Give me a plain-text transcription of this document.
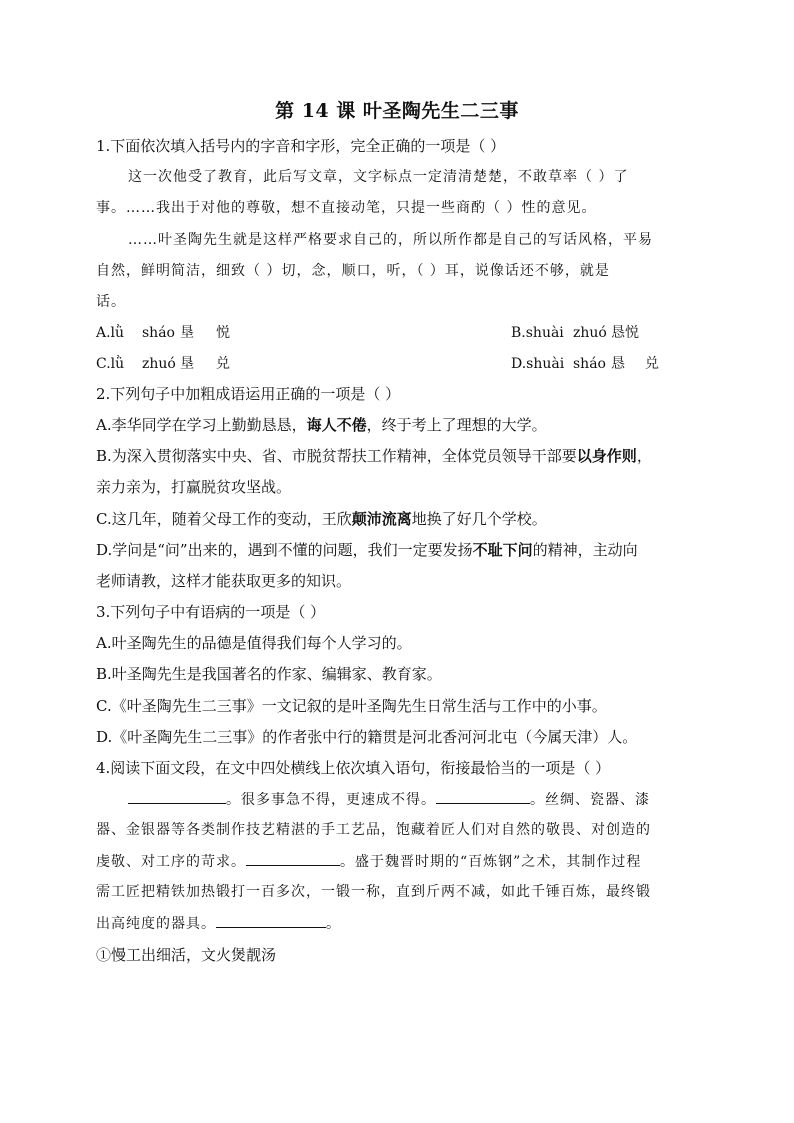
第 14 课 叶圣陶先生二三事
1.下面依次填入括号内的字音和字形，完全正确的一项是（ ）
这一次他受了教育，此后写文章，文字标点一定清清楚楚，不敢草率（ ）了
事。……我出于对他的尊敬，想不直接动笔，只提一些商酌（ ）性的意见。
……叶圣陶先生就是这样严格要求自己的，所以所作都是自己的写话风格，平易
自然，鲜明简洁，细致（ ）切，念，顺口，听，（ ）耳，说像话还不够，就是
话。
A.lǜ sháo 垦 悦	B.shuài zhuó 恳悦
C.lǜ zhuó 垦 兑	D.shuài sháo 恳 兑
2.下列句子中加粗成语运用正确的一项是（ ）
A.李华同学在学习上勤勤恳恳，诲人不倦，终于考上了理想的大学。
B.为深入贯彻落实中央、省、市脱贫帮扶工作精神，全体党员领导干部要以身作则，
亲力亲为，打赢脱贫攻坚战。
C.这几年，随着父母工作的变动，王欣颠沛流离地换了好几个学校。
D.学问是“问”出来的，遇到不懂的问题，我们一定要发扬不耻下问的精神，主动向
老师请教，这样才能获取更多的知识。
3.下列句子中有语病的一项是（ ）
A.叶圣陶先生的品德是值得我们每个人学习的。
B.叶圣陶先生是我国著名的作家、编辑家、教育家。
C.《叶圣陶先生二三事》一文记叙的是叶圣陶先生日常生活与工作中的小事。
D.《叶圣陶先生二三事》的作者张中行的籍贯是河北香河河北屯（今属天津）人。
4.阅读下面文段，在文中四处横线上依次填入语句，衔接最恰当的一项是（ ）
。很多事急不得，更速成不得。	。丝绸、瓷器、漆
器、金银器等各类制作技艺精湛的手工艺品，饱藏着匠人们对自然的敬畏、对创造的
虔敬、对工序的苛求。	。盛于魏晋时期的“百炼钢”之术，其制作过程
需工匠把精铁加热锻打一百多次，一锻一称，直到斤两不减，如此千锤百炼，最终锻
出高纯度的器具。	。
①慢工出细活，文火煲靓汤
